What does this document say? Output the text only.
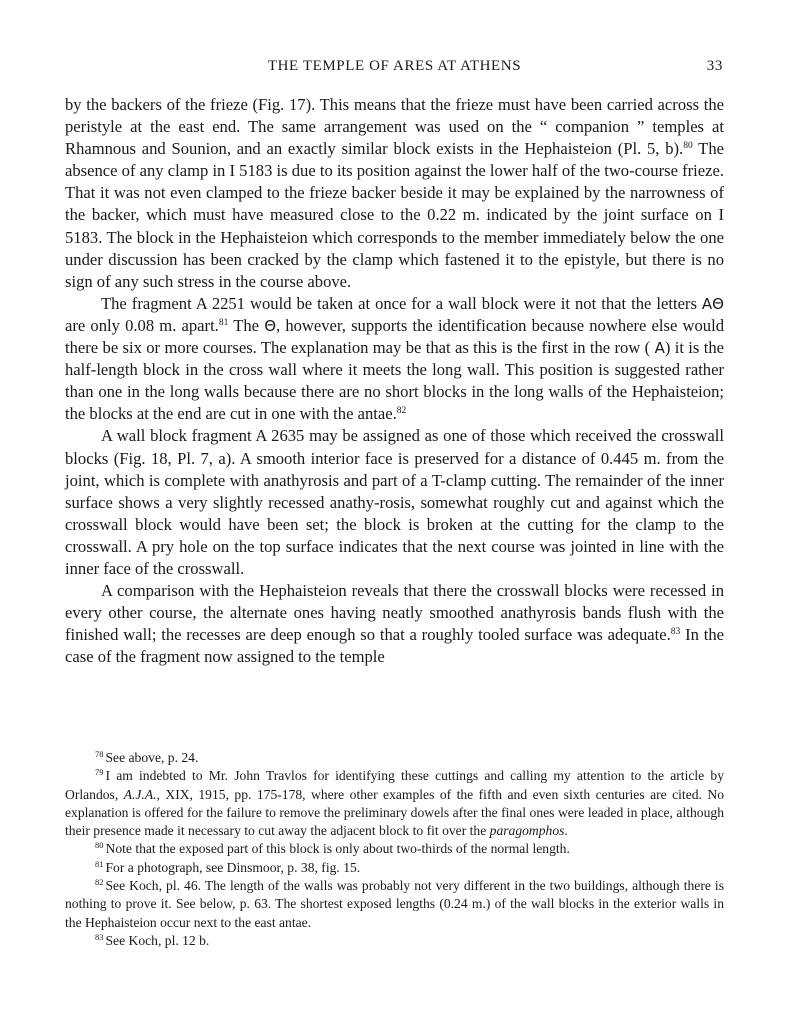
THE TEMPLE OF ARES AT ATHENS	33

by the backers of the frieze (Fig. 17). This means that the frieze must have been carried across the peristyle at the east end. The same arrangement was used on the “ companion ” temples at Rhamnous and Sounion, and an exactly similar block exists in the Hephaisteion (Pl. 5, b).$^{80}$ The absence of any clamp in I 5183 is due to its position against the lower half of the two-course frieze. That it was not even clamped to the frieze backer beside it may be explained by the narrowness of the backer, which must have measured close to the 0.22 m. indicated by the joint surface on I 5183. The block in the Hephaisteion which corresponds to the member immediately below the one under discussion has been cracked by the clamp which fastened it to the epistyle, but there is no sign of any such stress in the course above.

The fragment A 2251 would be taken at once for a wall block were it not that the letters ΑΘ are only 0.08 m. apart.$^{81}$ The Θ, however, supports the identification because nowhere else would there be six or more courses. The explanation may be that as this is the first in the row ( Α) it is the half-length block in the cross wall where it meets the long wall. This position is suggested rather than one in the long walls because there are no short blocks in the long walls of the Hephaisteion; the blocks at the end are cut in one with the antae.$^{82}$

A wall block fragment A 2635 may be assigned as one of those which received the crosswall blocks (Fig. 18, Pl. 7, a). A smooth interior face is preserved for a distance of 0.445 m. from the joint, which is complete with anathyrosis and part of a T-clamp cutting. The remainder of the inner surface shows a very slightly recessed anathy-rosis, somewhat roughly cut and against which the crosswall block would have been set; the block is broken at the cutting for the clamp to the crosswall. A pry hole on the top surface indicates that the next course was jointed in line with the inner face of the crosswall.

A comparison with the Hephaisteion reveals that there the crosswall blocks were recessed in every other course, the alternate ones having neatly smoothed anathyrosis bands flush with the finished wall; the recesses are deep enough so that a roughly tooled surface was adequate.$^{83}$ In the case of the fragment now assigned to the temple

$^{78}$ See above, p. 24.

$^{79}$ I am indebted to Mr. John Travlos for identifying these cuttings and calling my attention to the article by Orlandos, A.J.A., XIX, 1915, pp. 175-178, where other examples of the fifth and even sixth centuries are cited. No explanation is offered for the failure to remove the preliminary dowels after the final ones were leaded in place, although their presence made it necessary to cut away the adjacent block to fit over the paragomphos.

$^{80}$ Note that the exposed part of this block is only about two-thirds of the normal length.

$^{81}$ For a photograph, see Dinsmoor, p. 38, fig. 15.

$^{82}$ See Koch, pl. 46. The length of the walls was probably not very different in the two buildings, although there is nothing to prove it. See below, p. 63. The shortest exposed lengths (0.24 m.) of the wall blocks in the exterior walls in the Hephaisteion occur next to the east antae.

$^{83}$ See Koch, pl. 12 b.
